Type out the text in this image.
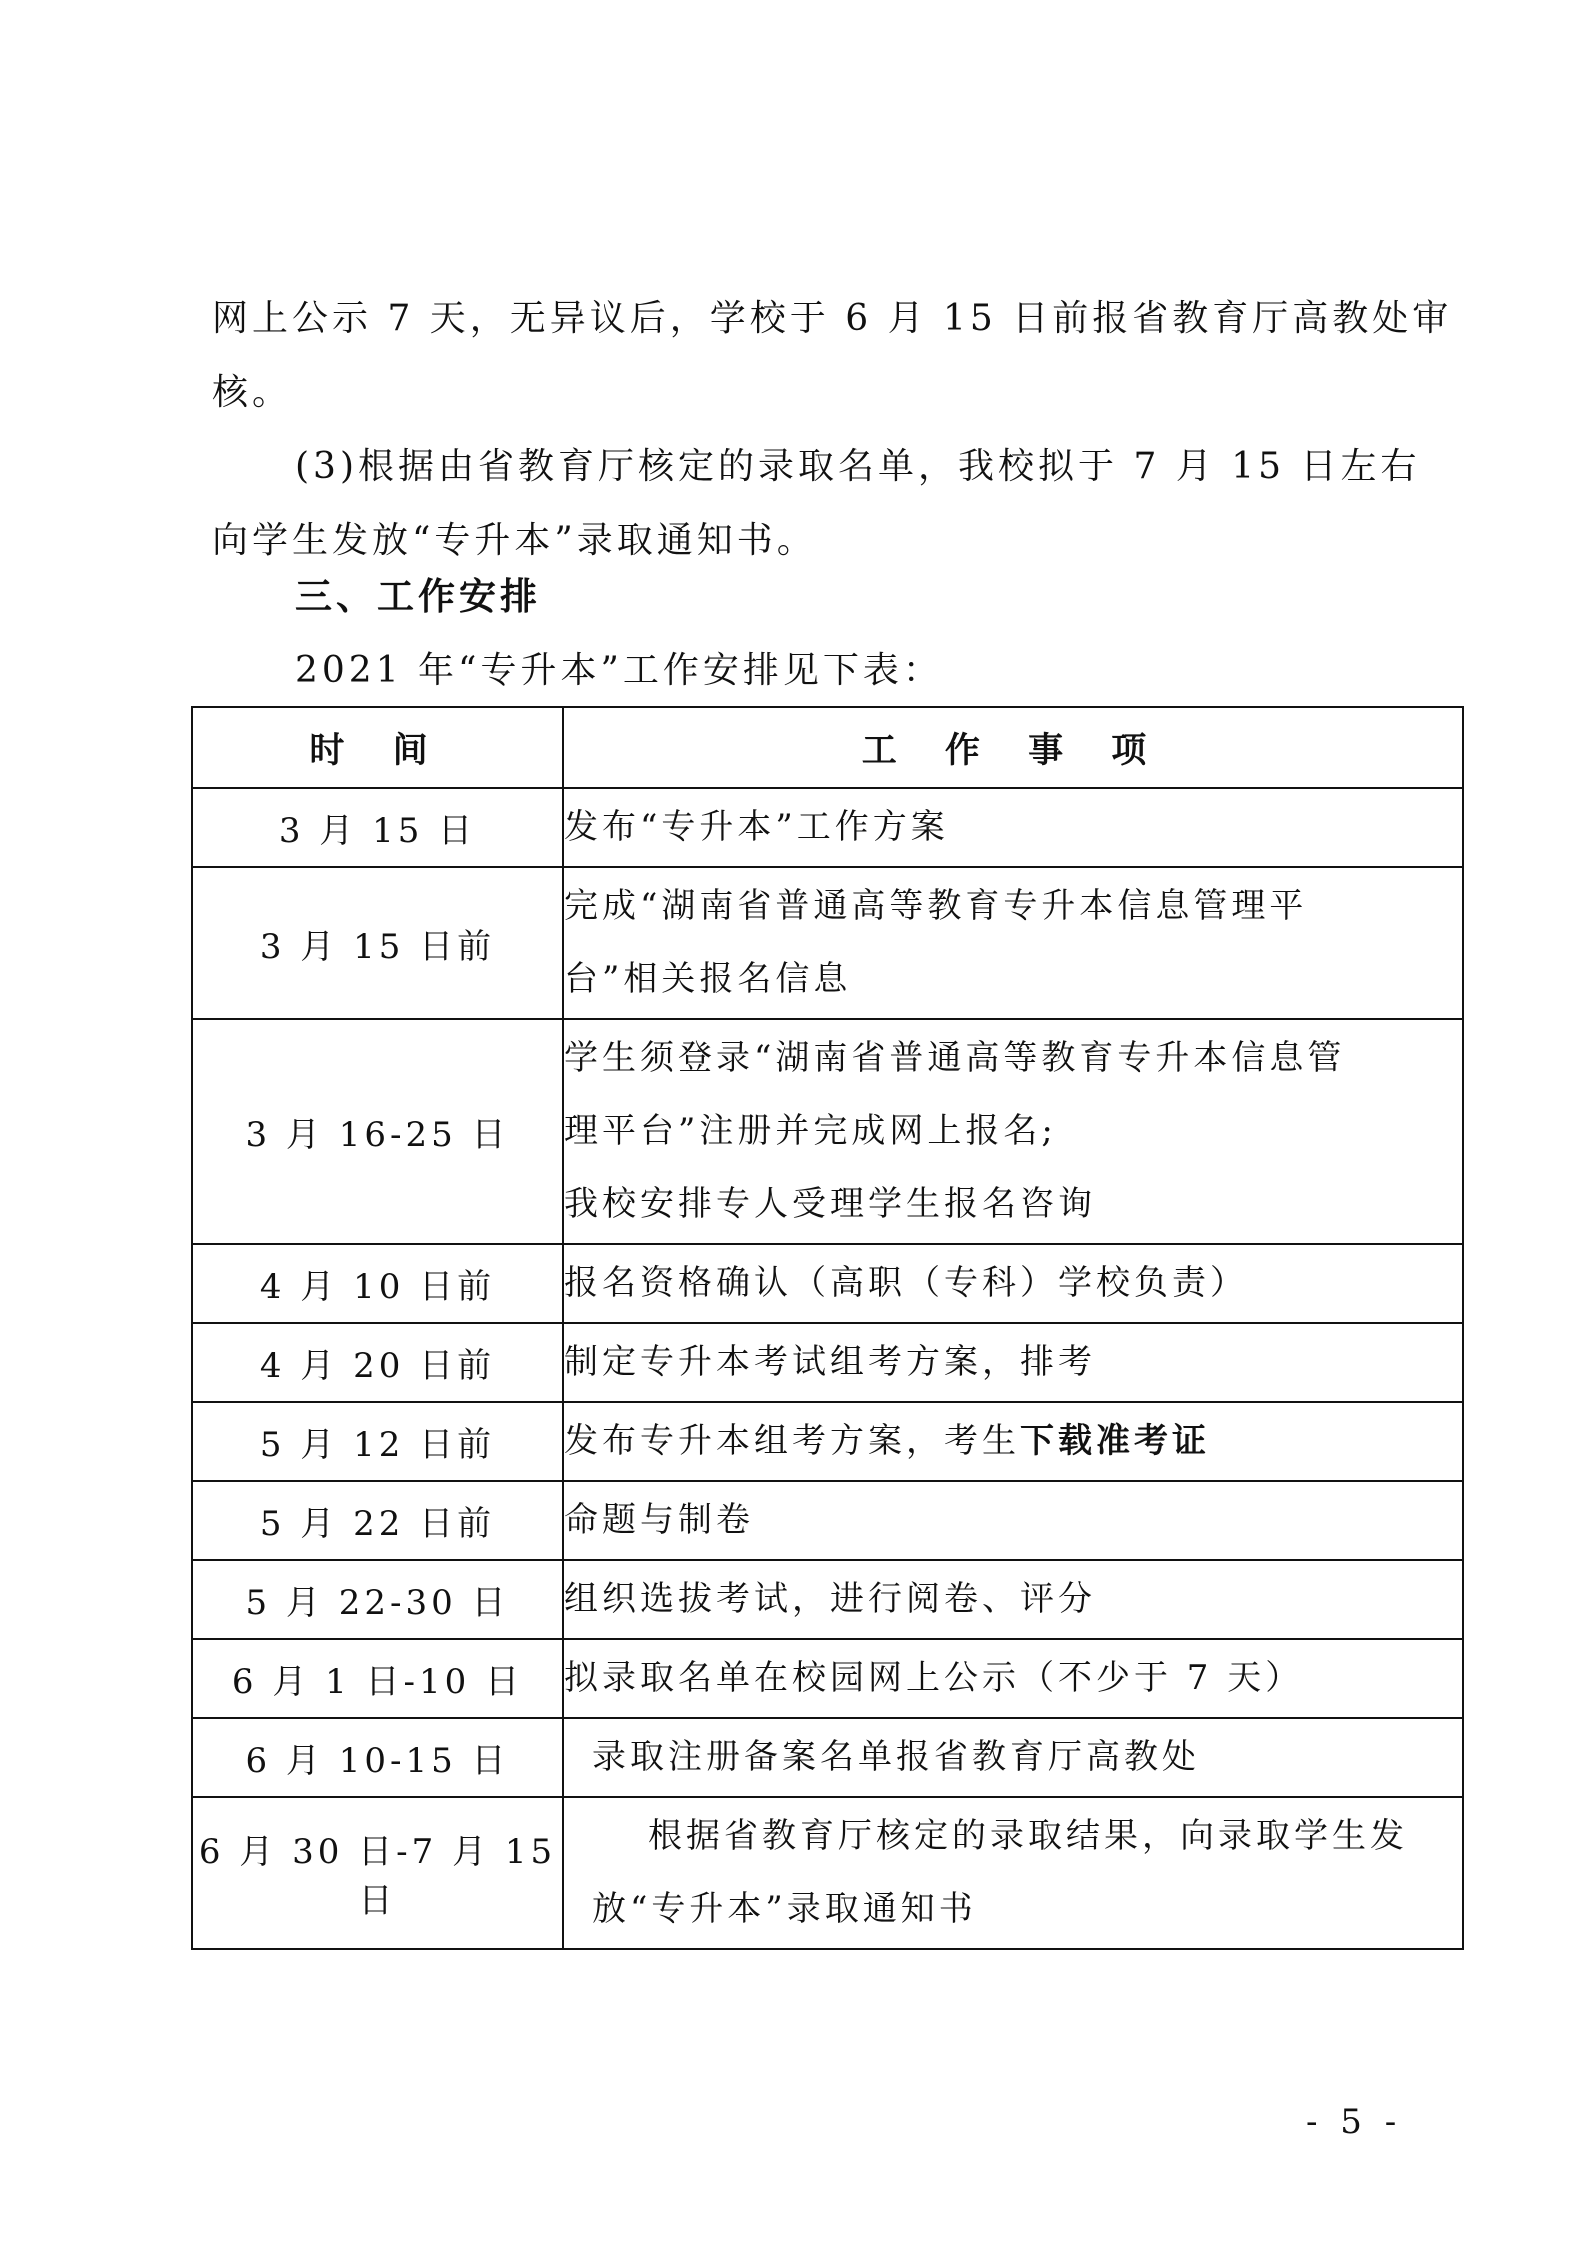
网上公示 7 天，无异议后，学校于 6 月 15 日前报省教育厅高教处审

核。

(3)根据由省教育厅核定的录取名单，我校拟于 7 月 15 日左右

向学生发放“专升本”录取通知书。

三、工作安排

2021 年“专升本”工作安排见下表：

时 间	工 作 事 项
3 月 15 日	发布“专升本”工作方案

3 月 15 日前	完成“湖南省普通高等教育专升本信息管理平
台”相关报名信息

3 月 16-25 日	学生须登录“湖南省普通高等教育专升本信息管
理平台”注册并完成网上报名;
我校安排专人受理学生报名咨询

4 月 10 日前	报名资格确认（高职（专科）学校负责）

4 月 20 日前	制定专升本考试组考方案，排考

5 月 12 日前	发布专升本组考方案，考生下载准考证

5 月 22 日前	命题与制卷

5 月 22-30 日	组织选拔考试，进行阅卷、评分

6 月 1 日-10 日	拟录取名单在校园网上公示（不少于 7 天）

6 月 10-15 日	录取注册备案名单报省教育厅高教处

6 月 30 日-7 月 15 日	根据省教育厅核定的录取结果，向录取学生发
放“专升本”录取通知书

- 5 -
